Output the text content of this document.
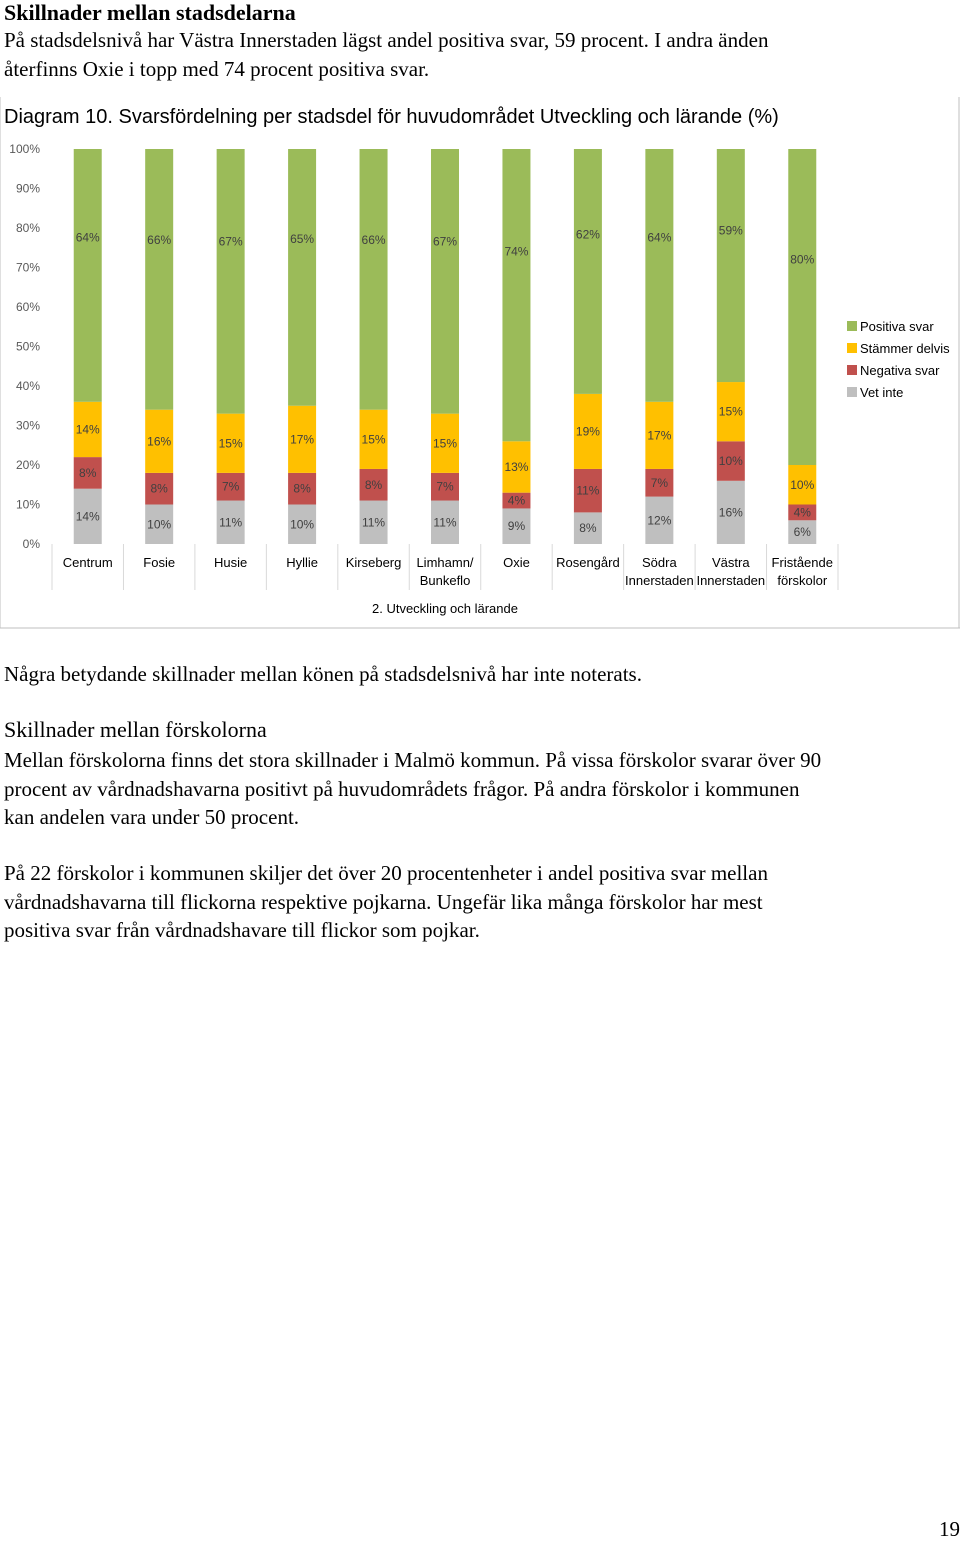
Skillnader mellan stadsdelarna
På stadsdelsnivå har Västra Innerstaden lägst andel positiva svar, 59 procent. I andra änden
återfinns Oxie i topp med 74 procent positiva svar.
0%
10%
20%
30%
40%
50%
60%
70%
80%
90%
100%
14%
8%
14%
64%
Centrum
10%
8%
16%
66%
Fosie
11%
7%
15%
67%
Husie
10%
8%
17%
65%
Hyllie
11%
8%
15%
66%
Kirseberg
11%
7%
15%
67%
Limhamn/
Bunkeflo
9%
4%
13%
74%
Oxie
8%
11%
19%
62%
Rosengård
12%
7%
17%
64%
Södra
Innerstaden
16%
10%
15%
59%
Västra
Innerstaden
6%
4%
10%
80%
Fristående
förskolor
2. Utveckling och lärande
Positiva svar
Stämmer delvis
Negativa svar
Vet inte
Diagram 10. Svarsfördelning per stadsdel för huvudområdet Utveckling och lärande (%)
Några betydande skillnader mellan könen på stadsdelsnivå har inte noterats.
Skillnader mellan förskolorna
Mellan förskolorna finns det stora skillnader i Malmö kommun. På vissa förskolor svarar över 90
procent av vårdnadshavarna positivt på huvudområdets frågor. På andra förskolor i kommunen
kan andelen vara under 50 procent.
På 22 förskolor i kommunen skiljer det över 20 procentenheter i andel positiva svar mellan
vårdnadshavarna till flickorna respektive pojkarna. Ungefär lika många förskolor har mest
positiva svar från vårdnadshavare till flickor som pojkar.
19
